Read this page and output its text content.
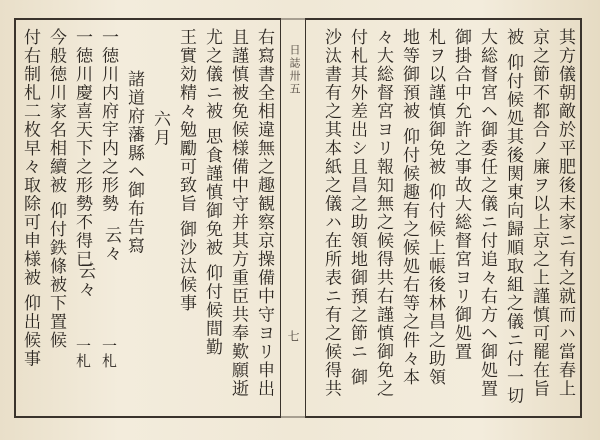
日誌卅五
七	其方儀朝敵於平肥後末家ニ有之就而ハ當春上
京之節不都合ノ廉ヲ以上京之上謹慎可罷在旨
被 仰付候処其後関東向歸順取組之儀ニ付一切
大総督宮ヘ御委任之儀ニ付追々右方ヘ御処置
御掛合中允許之事故大総督宮ヨリ御処置
札ヲ以謹慎御免被 仰付候上帳後林昌之助領
地等御預被 仰付候趣有之候処右等之件々本
々大総督宮ヨリ報知無之候得共右謹慎御免之
付札其外差出シ且昌之助領地御預之節ニ 御
沙汰書有之其本紙之儀ハ在所表ニ有之候得共
右寫書全相違無之趣観察京操備中守ヨリ申出
且謹慎被免候様備中守并其方重臣共奉歎願逝
尤之儀ニ被 思食謹慎御免被 仰付候間勤
王實効精々勉勵可致旨 御沙汰候事
六月
諸道府藩縣ヘ御布告寫
一徳川内府宇内之形勢
云々
一徳川慶喜天下之形勢不得已
云々
今般徳川家名相續被 仰付鉄條被下置候
付右制札二枚早々取除可申様被 仰出候事	一札
一札
